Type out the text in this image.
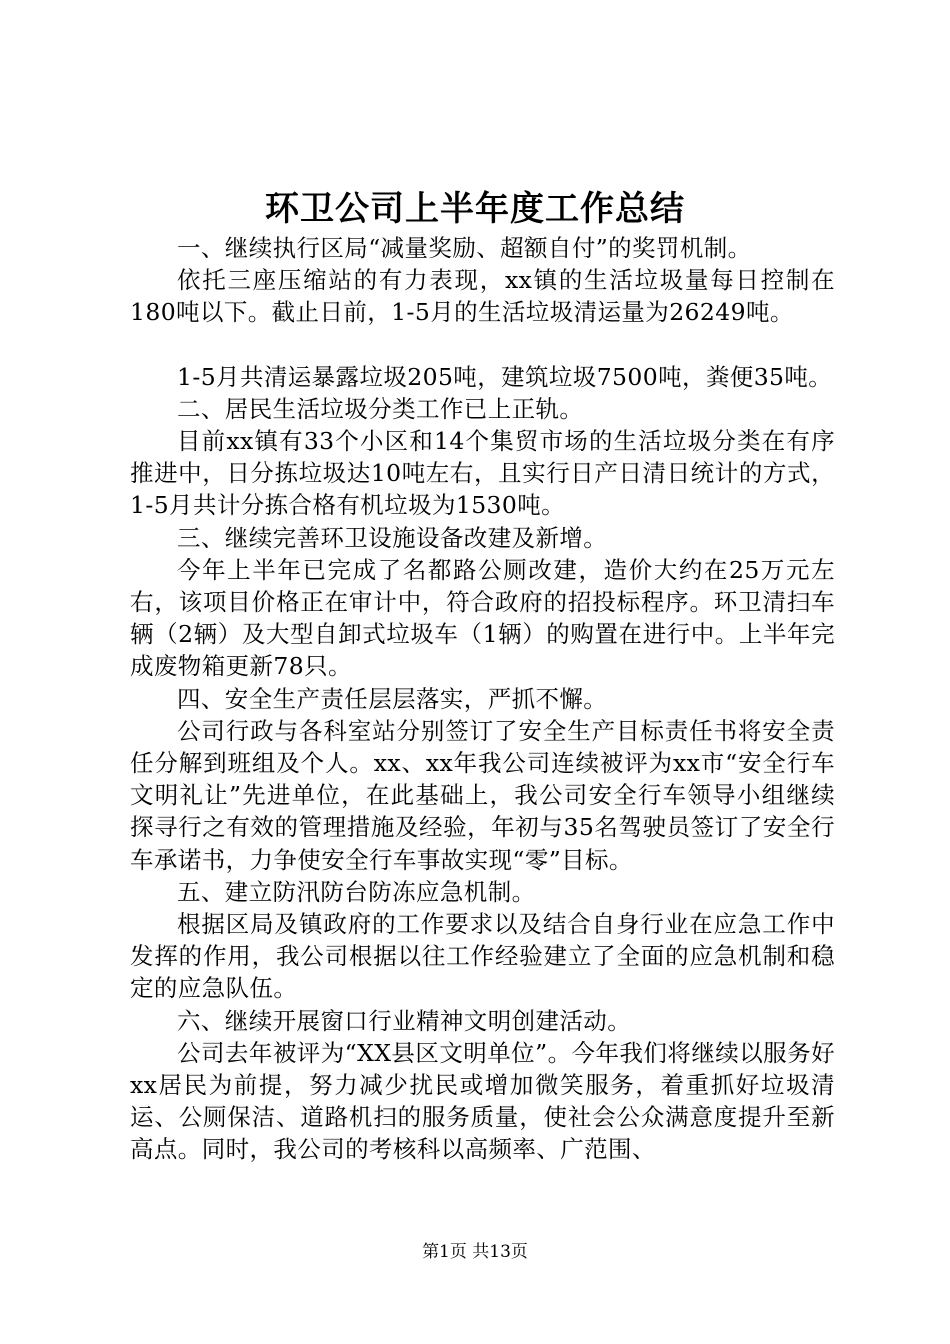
环卫公司上半年度工作总结

一、继续执行区局“减量奖励、超额自付”的奖罚机制。

依托三座压缩站的有力表现，xx镇的生活垃圾量每日控制在180吨以下。截止日前，1-5月的生活垃圾清运量为26249吨。

1-5月共清运暴露垃圾205吨，建筑垃圾7500吨，粪便35吨。

二、居民生活垃圾分类工作已上正轨。

目前xx镇有33个小区和14个集贸市场的生活垃圾分类在有序推进中，日分拣垃圾达10吨左右，且实行日产日清日统计的方式，1-5月共计分拣合格有机垃圾为1530吨。

三、继续完善环卫设施设备改建及新增。

今年上半年已完成了名都路公厕改建，造价大约在25万元左右，该项目价格正在审计中，符合政府的招投标程序。环卫清扫车辆（2辆）及大型自卸式垃圾车（1辆）的购置在进行中。上半年完成废物箱更新78只。

四、安全生产责任层层落实，严抓不懈。

公司行政与各科室站分别签订了安全生产目标责任书将安全责任分解到班组及个人。xx、xx年我公司连续被评为xx市“安全行车文明礼让”先进单位，在此基础上，我公司安全行车领导小组继续探寻行之有效的管理措施及经验，年初与35名驾驶员签订了安全行车承诺书，力争使安全行车事故实现“零”目标。

五、建立防汛防台防冻应急机制。

根据区局及镇政府的工作要求以及结合自身行业在应急工作中发挥的作用，我公司根据以往工作经验建立了全面的应急机制和稳定的应急队伍。

六、继续开展窗口行业精神文明创建活动。

公司去年被评为“XX县区文明单位”。今年我们将继续以服务好xx居民为前提，努力减少扰民或增加微笑服务，着重抓好垃圾清运、公厕保洁、道路机扫的服务质量，使社会公众满意度提升至新高点。同时，我公司的考核科以高频率、广范围、

第1页 共13页
